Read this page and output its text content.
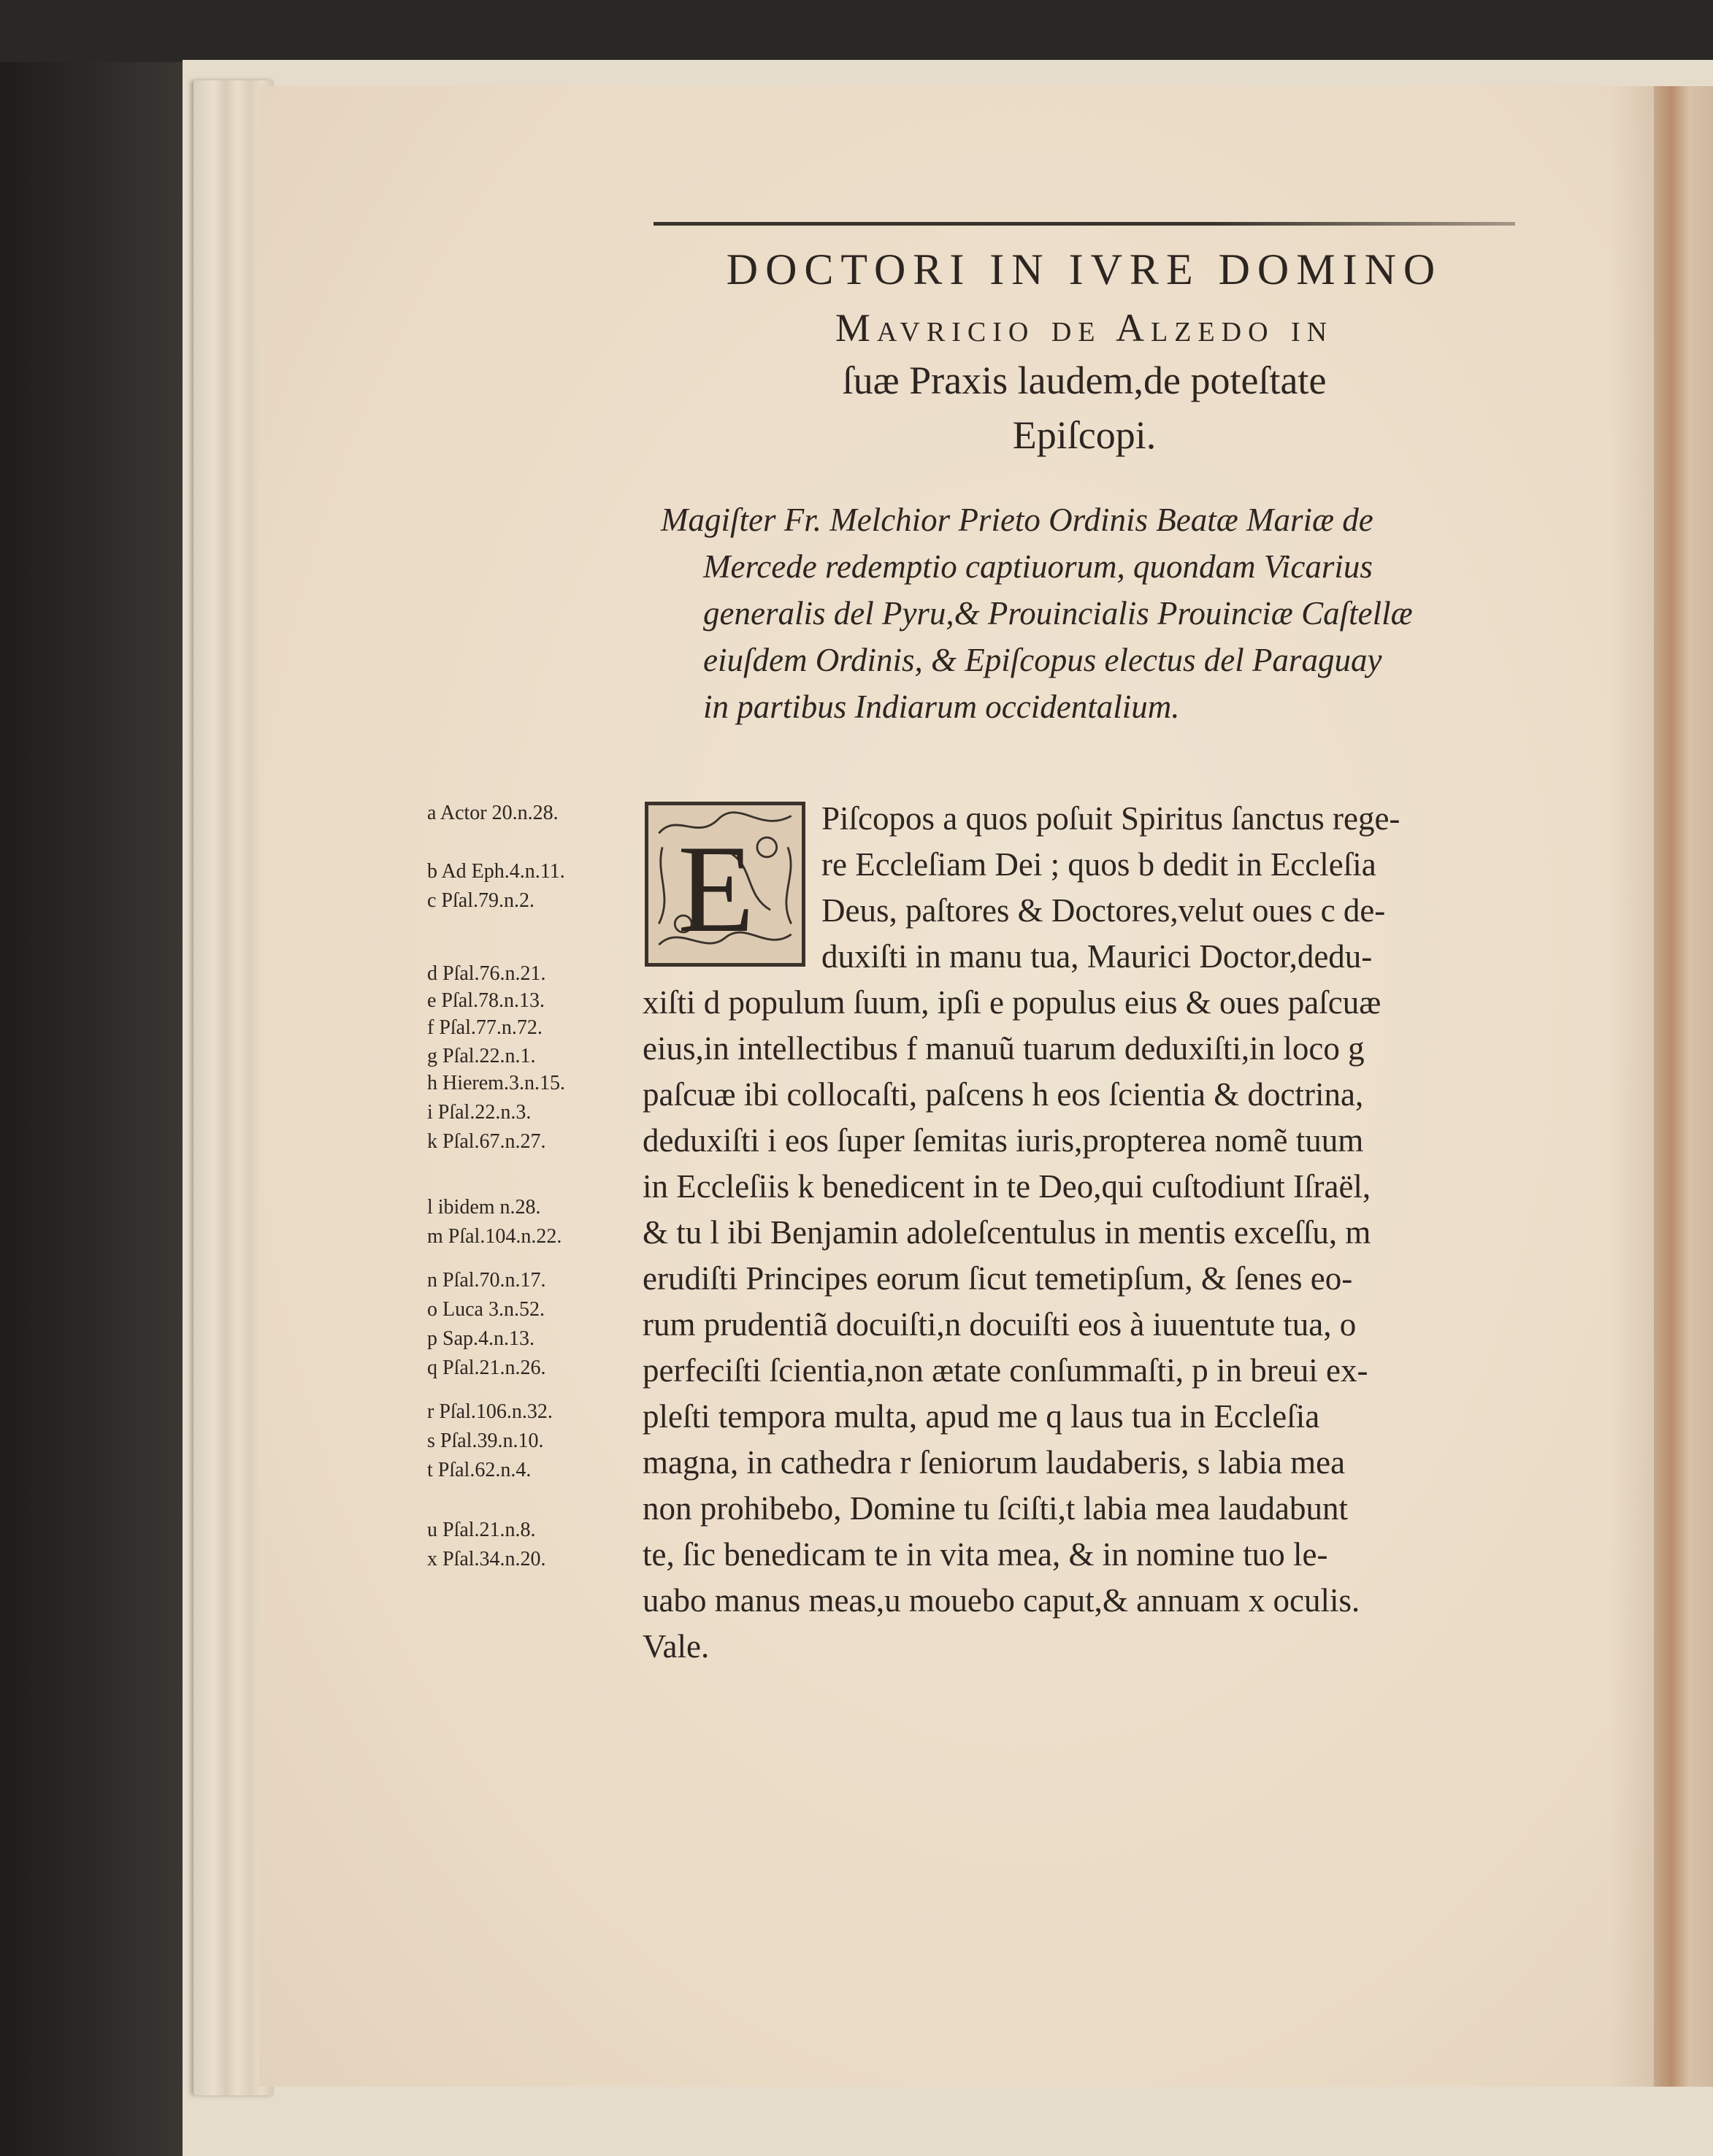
DOCTORI IN IVRE DOMINO
Mavricio de Alzedo in
ſuæ Praxis laudem,de poteſtate
Epiſcopi.
Magiſter Fr. Melchior Prieto Ordinis Beatæ Mariæ de
Mercede redemptio captiuorum, quondam Vicarius
generalis del Pyru,& Prouincialis Prouinciæ Caſtellæ
eiuſdem Ordinis, & Epiſcopus electus del Paraguay
in partibus Indiarum occidentalium.
E
Piſcopos a quos poſuit Spiritus ſanctus rege-
re Eccleſiam Dei ; quos b dedit in Eccleſia
Deus, paſtores & Doctores,velut oues c de-
duxiſti in manu tua, Maurici Doctor,dedu-
xiſti d populum ſuum, ipſi e populus eius & oues paſcuæ
eius,in intellectibus f manuũ tuarum deduxiſti,in loco g
paſcuæ ibi collocaſti, paſcens h eos ſcientia & doctrina,
deduxiſti i eos ſuper ſemitas iuris,propterea nomẽ tuum
in Eccleſiis k benedicent in te Deo,qui cuſtodiunt Iſraël,
& tu l ibi Benjamin adoleſcentulus in mentis exceſſu, m
erudiſti Principes eorum ſicut temetipſum, & ſenes eo-
rum prudentiã docuiſti,n docuiſti eos à iuuentute tua, o
perfeciſti ſcientia,non ætate conſummaſti, p in breui ex-
pleſti tempora multa, apud me q laus tua in Eccleſia
magna, in cathedra r ſeniorum laudaberis, s labia mea
non prohibebo, Domine tu ſciſti,t labia mea laudabunt
te, ſic benedicam te in vita mea, & in nomine tuo le-
uabo manus meas,u mouebo caput,& annuam x oculis.
Vale.
a Actor 20.n.28.
b Ad Eph.4.n.11.
c Pſal.79.n.2.
d Pſal.76.n.21.
e Pſal.78.n.13.
f Pſal.77.n.72.
g Pſal.22.n.1.
h Hierem.3.n.15.
i Pſal.22.n.3.
k Pſal.67.n.27.
l ibidem n.28.
m Pſal.104.n.22.
n Pſal.70.n.17.
o Luca 3.n.52.
p Sap.4.n.13.
q Pſal.21.n.26.
r Pſal.106.n.32.
s Pſal.39.n.10.
t Pſal.62.n.4.
u Pſal.21.n.8.
x Pſal.34.n.20.
